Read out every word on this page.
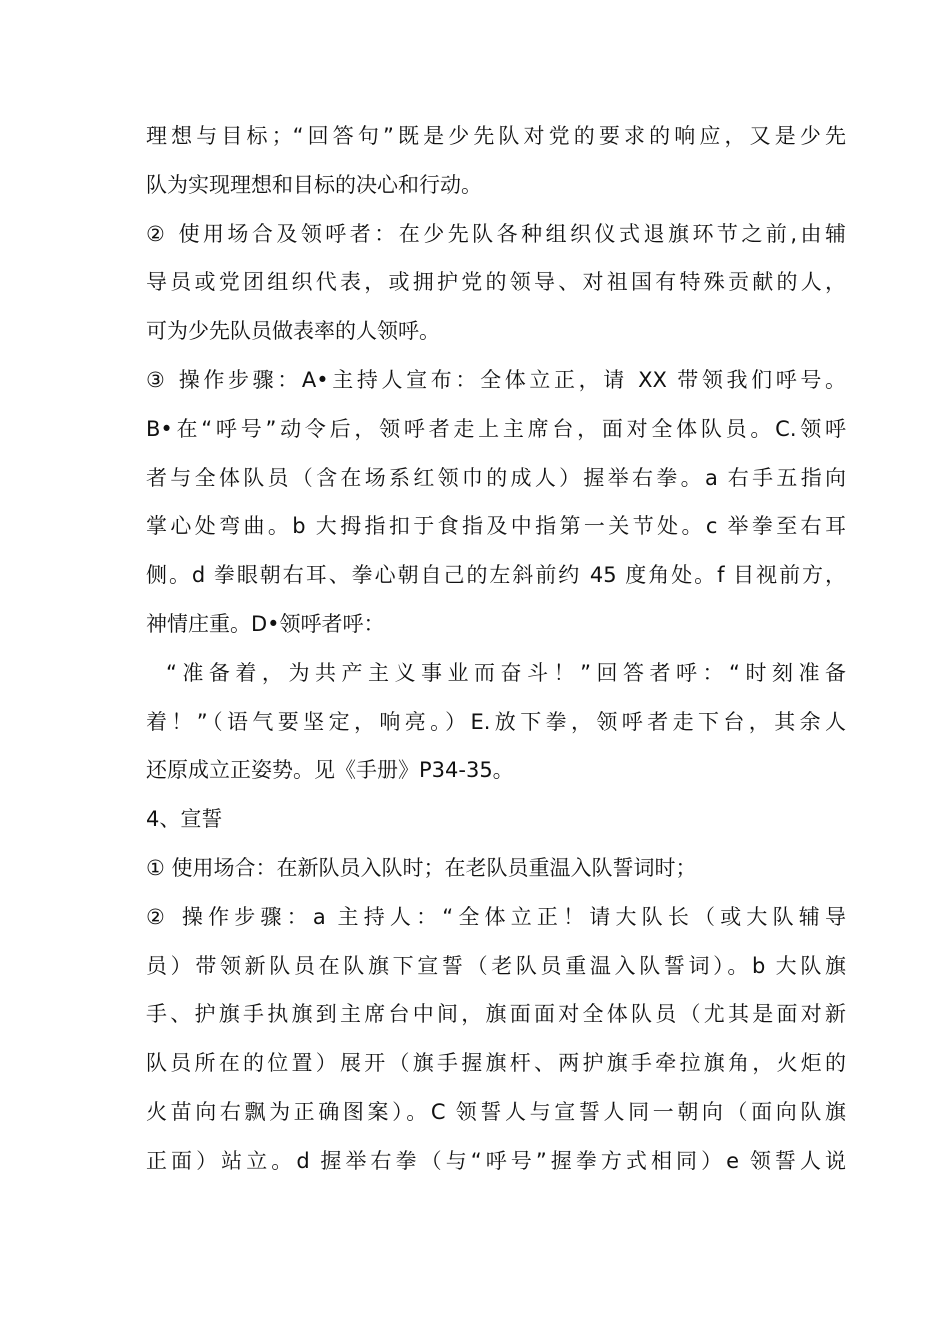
理想与目标；“回答句”既是少先队对党的要求的响应，又是少先
队为实现理想和目标的决心和行动。
② 使用场合及领呼者：在少先队各种组织仪式退旗环节之前,由辅
导员或党团组织代表，或拥护党的领导、对祖国有特殊贡献的人，
可为少先队员做表率的人领呼。
③ 操作步骤：A•主持人宣布：全体立正，请 XX 带领我们呼号。
B•在“呼号”动令后，领呼者走上主席台，面对全体队员。C.领呼
者与全体队员（含在场系红领巾的成人）握举右拳。a 右手五指向
掌心处弯曲。b 大拇指扣于食指及中指第一关节处。c 举拳至右耳
侧。d 拳眼朝右耳、拳心朝自己的左斜前约 45 度角处。f 目视前方，
神情庄重。D•领呼者呼：
“准备着，为共产主义事业而奋斗！”回答者呼：“时刻准备
着！”（语气要坚定，响亮。）E.放下拳，领呼者走下台，其余人
还原成立正姿势。见《手册》P34-35。
4、宣誓
① 使用场合：在新队员入队时；在老队员重温入队誓词时；
② 操作步骤：a 主持人：“全体立正！请大队长（或大队辅导
员）带领新队员在队旗下宣誓（老队员重温入队誓词）。b 大队旗
手、护旗手执旗到主席台中间，旗面面对全体队员（尤其是面对新
队员所在的位置）展开（旗手握旗杆、两护旗手牵拉旗角，火炬的
火苗向右飘为正确图案）。C 领誓人与宣誓人同一朝向（面向队旗
正面）站立。d 握举右拳（与“呼号”握拳方式相同）e 领誓人说
